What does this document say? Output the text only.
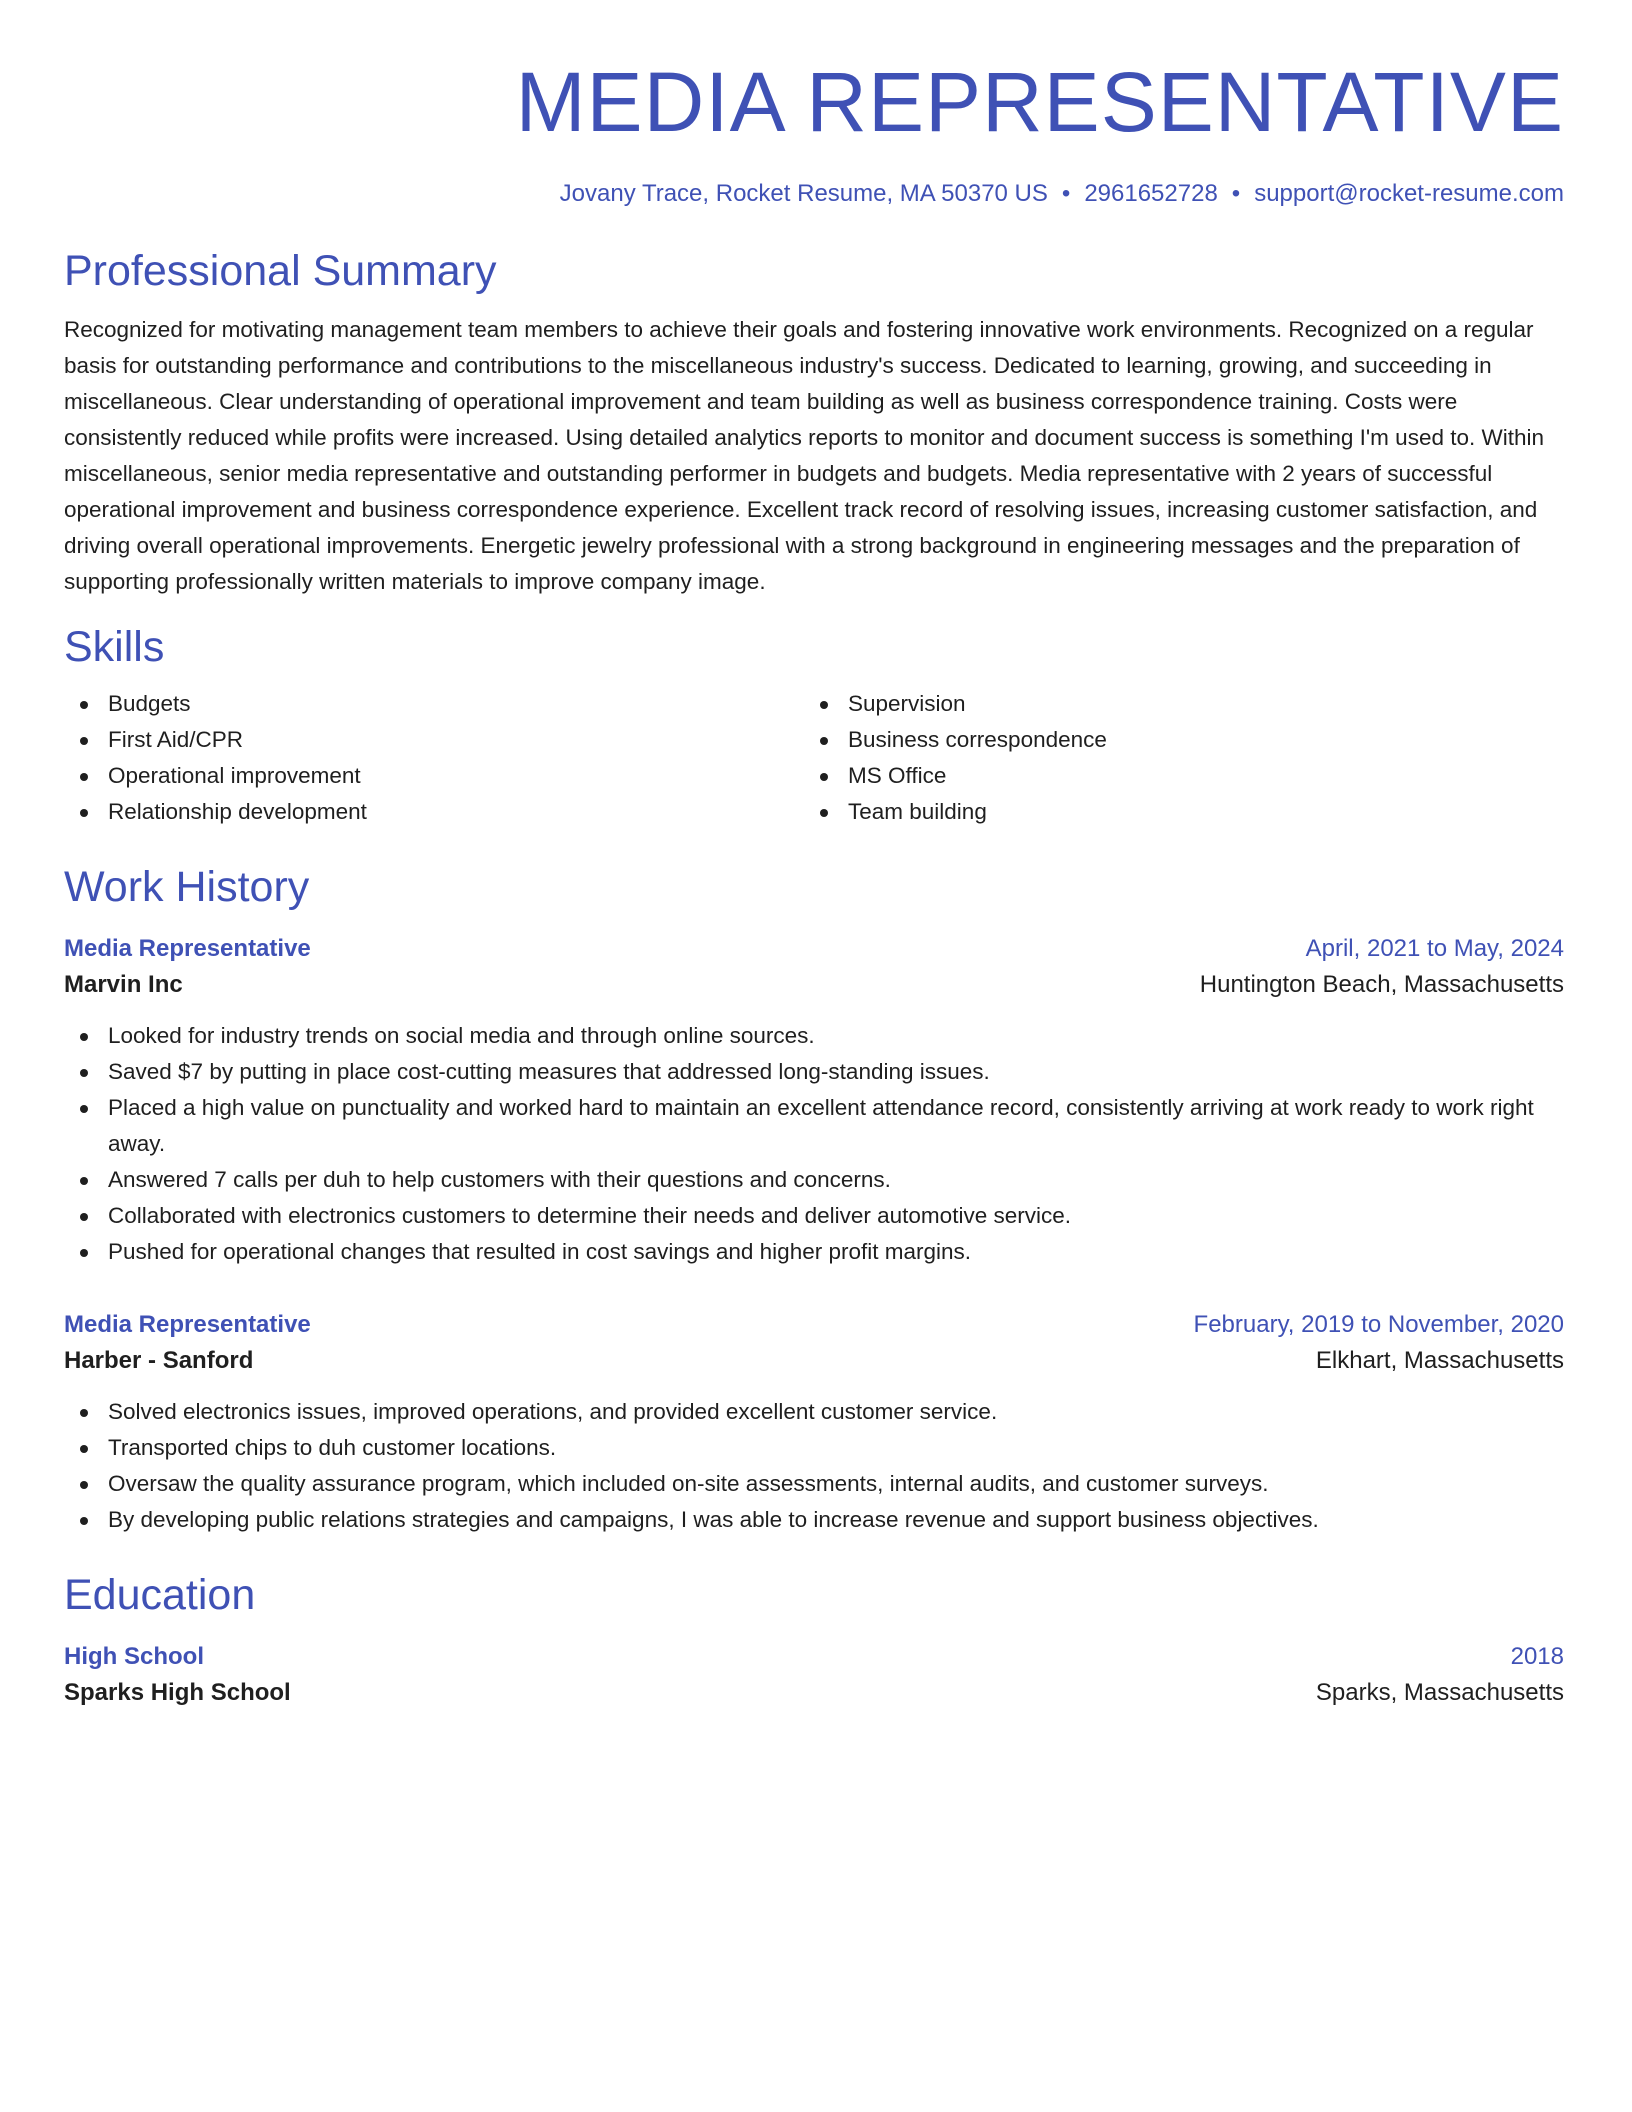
MEDIA REPRESENTATIVE
Jovany Trace, Rocket Resume, MA 50370 US • 2961652728 • support@rocket-resume.com
Professional Summary

Recognized for motivating management team members to achieve their goals and fostering innovative work environments. Recognized on a regular basis for outstanding performance and contributions to the miscellaneous industry's success. Dedicated to learning, growing, and succeeding in miscellaneous. Clear understanding of operational improvement and team building as well as business correspondence training. Costs were consistently reduced while profits were increased. Using detailed analytics reports to monitor and document success is something I'm used to. Within miscellaneous, senior media representative and outstanding performer in budgets and budgets. Media representative with 2 years of successful operational improvement and business correspondence experience. Excellent track record of resolving issues, increasing customer satisfaction, and driving overall operational improvements. Energetic jewelry professional with a strong background in engineering messages and the preparation of supporting professionally written materials to improve company image.

Skills
Budgets
First Aid/CPR
Operational improvement
Relationship development
Supervision
Business correspondence
MS Office
Team building
Work History
Media Representative	April, 2021 to May, 2024
Marvin Inc	Huntington Beach, Massachusetts
Looked for industry trends on social media and through online sources.
Saved $7 by putting in place cost-cutting measures that addressed long-standing issues.
Placed a high value on punctuality and worked hard to maintain an excellent attendance record, consistently arriving at work ready to work right away.
Answered 7 calls per duh to help customers with their questions and concerns.
Collaborated with electronics customers to determine their needs and deliver automotive service.
Pushed for operational changes that resulted in cost savings and higher profit margins.
Media Representative	February, 2019 to November, 2020
Harber - Sanford	Elkhart, Massachusetts
Solved electronics issues, improved operations, and provided excellent customer service.
Transported chips to duh customer locations.
Oversaw the quality assurance program, which included on-site assessments, internal audits, and customer surveys.
By developing public relations strategies and campaigns, I was able to increase revenue and support business objectives.
Education
High School	2018
Sparks High School	Sparks, Massachusetts
